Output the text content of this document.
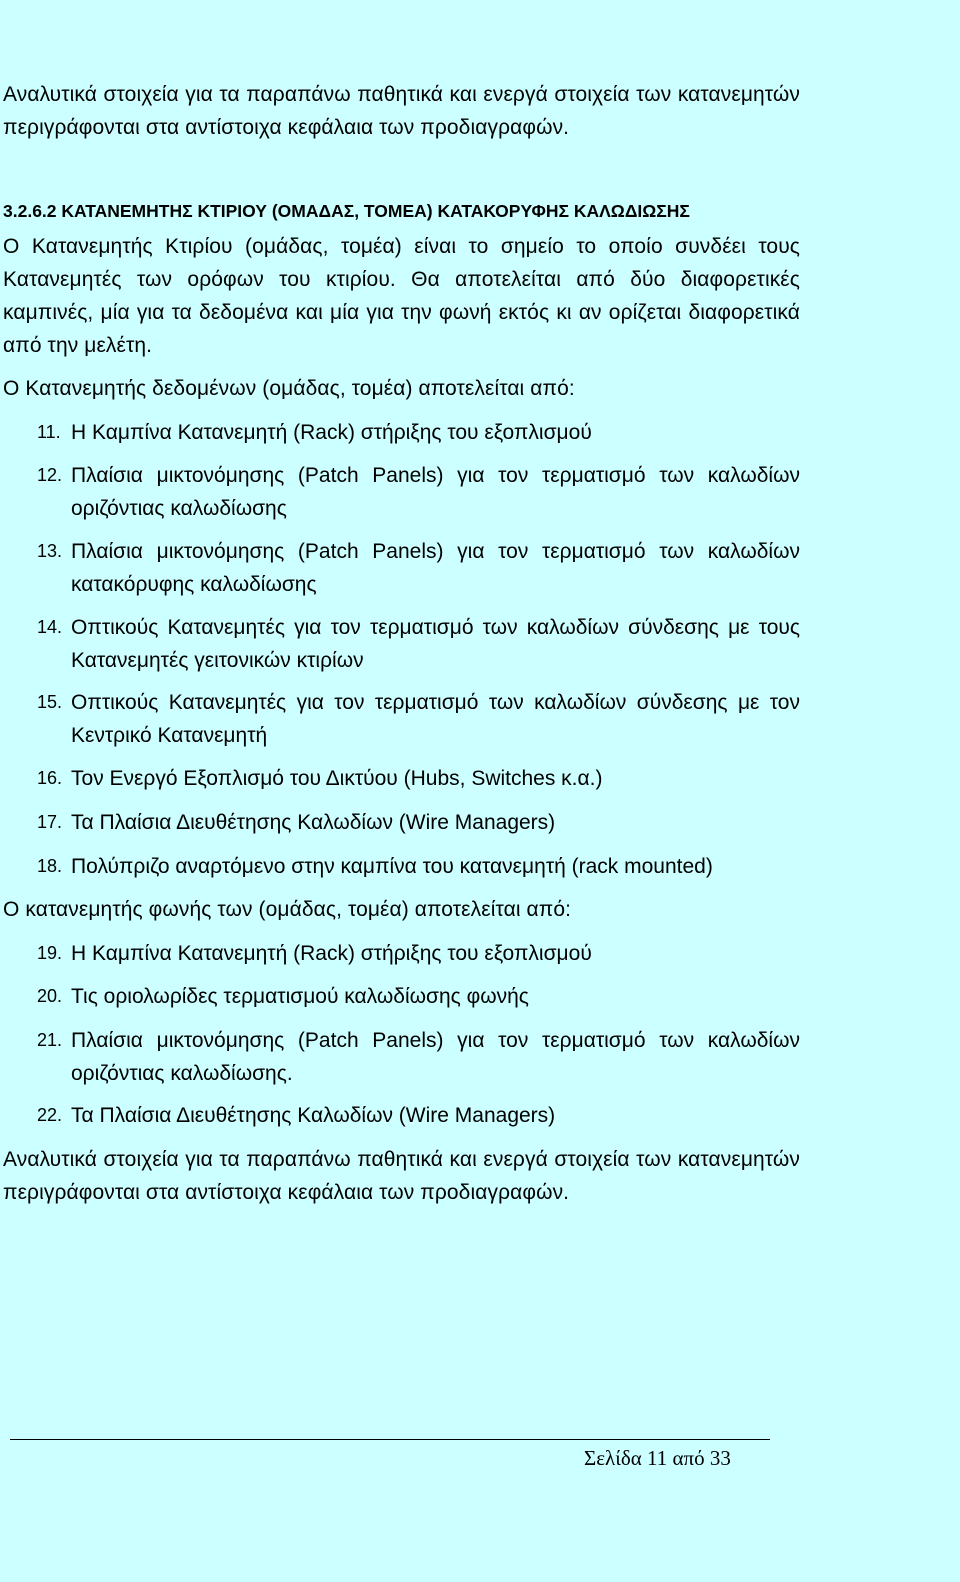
Αναλυτικά στοιχεία για τα παραπάνω παθητικά και ενεργά στοιχεία των κατανεμητών περιγράφονται στα αντίστοιχα κεφάλαια των προδιαγραφών.
3.2.6.2 ΚΑΤΑΝΕΜΗΤΗΣ ΚΤΙΡΙΟΥ (ΟΜΑΔΑΣ, ΤΟΜΕΑ) ΚΑΤΑΚΟΡΥΦΗΣ ΚΑΛΩΔΙΩΣΗΣ
Ο Κατανεμητής Κτιρίου (ομάδας, τομέα) είναι το σημείο το οποίο συνδέει τους Κατανεμητές των ορόφων του κτιρίου. Θα αποτελείται από δύο διαφορετικές καμπινές, μία για τα δεδομένα και μία για την φωνή εκτός κι αν ορίζεται διαφορετικά από την μελέτη.
Ο Κατανεμητής δεδομένων (ομάδας, τομέα) αποτελείται από:
11. Η Καμπίνα Κατανεμητή (Rack) στήριξης του εξοπλισμού
12. Πλαίσια μικτονόμησης (Patch Panels) για τον τερματισμό των καλωδίων οριζόντιας καλωδίωσης
13. Πλαίσια μικτονόμησης (Patch Panels) για τον τερματισμό των καλωδίων κατακόρυφης καλωδίωσης
14. Οπτικούς Κατανεμητές για τον τερματισμό των καλωδίων σύνδεσης με τους Κατανεμητές γειτονικών κτιρίων
15. Οπτικούς Κατανεμητές για τον τερματισμό των καλωδίων σύνδεσης με τον Κεντρικό Κατανεμητή
16. Τον Ενεργό Εξοπλισμό του Δικτύου (Hubs, Switches κ.α.)
17. Τα Πλαίσια Διευθέτησης Καλωδίων (Wire Managers)
18. Πολύπριζο αναρτόμενο στην καμπίνα του κατανεμητή (rack mounted)
Ο κατανεμητής φωνής των (ομάδας, τομέα) αποτελείται από:
19. Η Καμπίνα Κατανεμητή (Rack) στήριξης του εξοπλισμού
20. Τις οριολωρίδες τερματισμού καλωδίωσης φωνής
21. Πλαίσια μικτονόμησης (Patch Panels) για τον τερματισμό των καλωδίων οριζόντιας καλωδίωσης.
22. Τα Πλαίσια Διευθέτησης Καλωδίων (Wire Managers)
Αναλυτικά στοιχεία για τα παραπάνω παθητικά και ενεργά στοιχεία των κατανεμητών περιγράφονται στα αντίστοιχα κεφάλαια των προδιαγραφών.
Σελίδα 11 από 33
